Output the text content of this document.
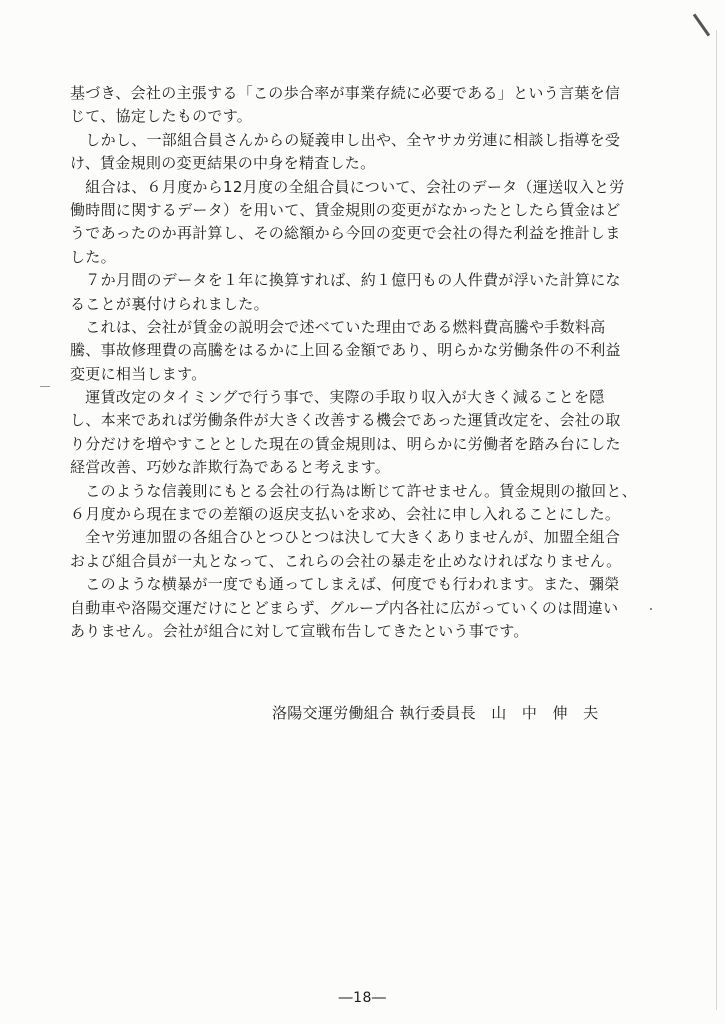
基づき、会社の主張する「この歩合率が事業存続に必要である」という言葉を信
じて、協定したものです。
　しかし、一部組合員さんからの疑義申し出や、全ヤサカ労連に相談し指導を受
け、賃金規則の変更結果の中身を精査した。
　組合は、６月度から12月度の全組合員について、会社のデータ（運送収入と労
働時間に関するデータ）を用いて、賃金規則の変更がなかったとしたら賃金はど
うであったのか再計算し、その総額から今回の変更で会社の得た利益を推計しま
した。
　７か月間のデータを１年に換算すれば、約１億円もの人件費が浮いた計算にな
ることが裏付けられました。
　これは、会社が賃金の説明会で述べていた理由である燃料費高騰や手数料高
騰、事故修理費の高騰をはるかに上回る金額であり、明らかな労働条件の不利益
変更に相当します。
　運賃改定のタイミングで行う事で、実際の手取り収入が大きく減ることを隠
し、本来であれば労働条件が大きく改善する機会であった運賃改定を、会社の取
り分だけを増やすこととした現在の賃金規則は、明らかに労働者を踏み台にした
経営改善、巧妙な詐欺行為であると考えます。
　このような信義則にもとる会社の行為は断じて許せません。賃金規則の撤回と、
６月度から現在までの差額の返戻支払いを求め、会社に申し入れることにした。
　全ヤ労連加盟の各組合ひとつひとつは決して大きくありませんが、加盟全組合
および組合員が一丸となって、これらの会社の暴走を止めなければなりません。
　このような横暴が一度でも通ってしまえば、何度でも行われます。また、彌榮
自動車や洛陽交運だけにとどまらず、グループ内各社に広がっていくのは間違い
ありません。会社が組合に対して宣戦布告してきたという事です。
洛陽交運労働組合 執行委員長　山　中　伸　夫
―18―
